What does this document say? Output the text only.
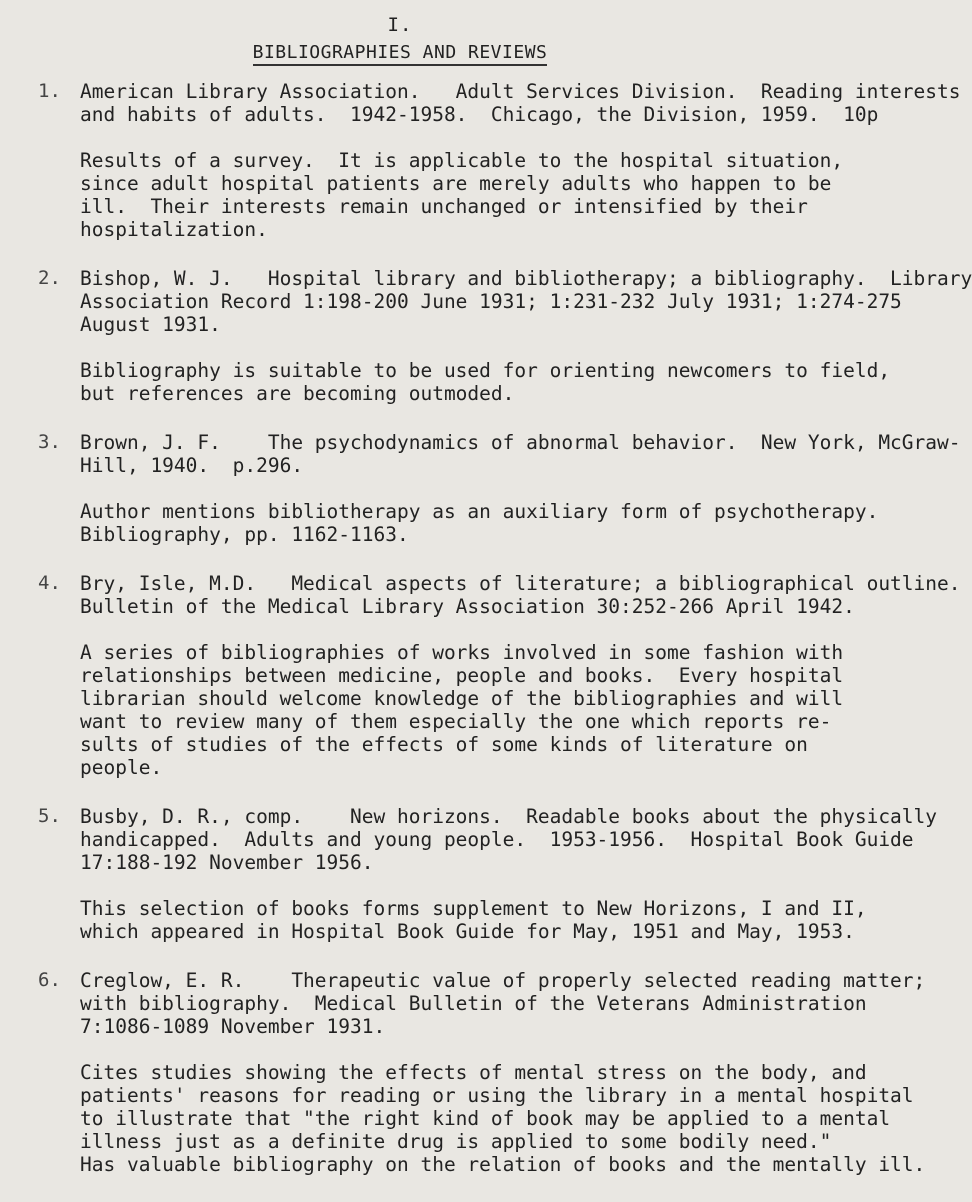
I.
BIBLIOGRAPHIES AND REVIEWS
1. American Library Association.   Adult Services Division.  Reading interests
and habits of adults.  1942-1958.  Chicago, the Division, 1959.  10p
Results of a survey.  It is applicable to the hospital situation,
since adult hospital patients are merely adults who happen to be
ill.  Their interests remain unchanged or intensified by their
hospitalization.
2. Bishop, W. J.   Hospital library and bibliotherapy; a bibliography.  Library
Association Record 1:198-200 June 1931; 1:231-232 July 1931; 1:274-275
August 1931.
Bibliography is suitable to be used for orienting newcomers to field,
but references are becoming outmoded.
3. Brown, J. F.    The psychodynamics of abnormal behavior.  New York, McGraw-
Hill, 1940.  p.296.
Author mentions bibliotherapy as an auxiliary form of psychotherapy.
Bibliography, pp. 1162-1163.
4. Bry, Isle, M.D.   Medical aspects of literature; a bibliographical outline.
Bulletin of the Medical Library Association 30:252-266 April 1942.
A series of bibliographies of works involved in some fashion with
relationships between medicine, people and books.  Every hospital
librarian should welcome knowledge of the bibliographies and will
want to review many of them especially the one which reports re-
sults of studies of the effects of some kinds of literature on
people.
5. Busby, D. R., comp.    New horizons.  Readable books about the physically
handicapped.  Adults and young people.  1953-1956.  Hospital Book Guide
17:188-192 November 1956.
This selection of books forms supplement to New Horizons, I and II,
which appeared in Hospital Book Guide for May, 1951 and May, 1953.
6. Creglow, E. R.    Therapeutic value of properly selected reading matter;
with bibliography.  Medical Bulletin of the Veterans Administration
7:1086-1089 November 1931.
Cites studies showing the effects of mental stress on the body, and
patients' reasons for reading or using the library in a mental hospital
to illustrate that "the right kind of book may be applied to a mental
illness just as a definite drug is applied to some bodily need."
Has valuable bibliography on the relation of books and the mentally ill.
